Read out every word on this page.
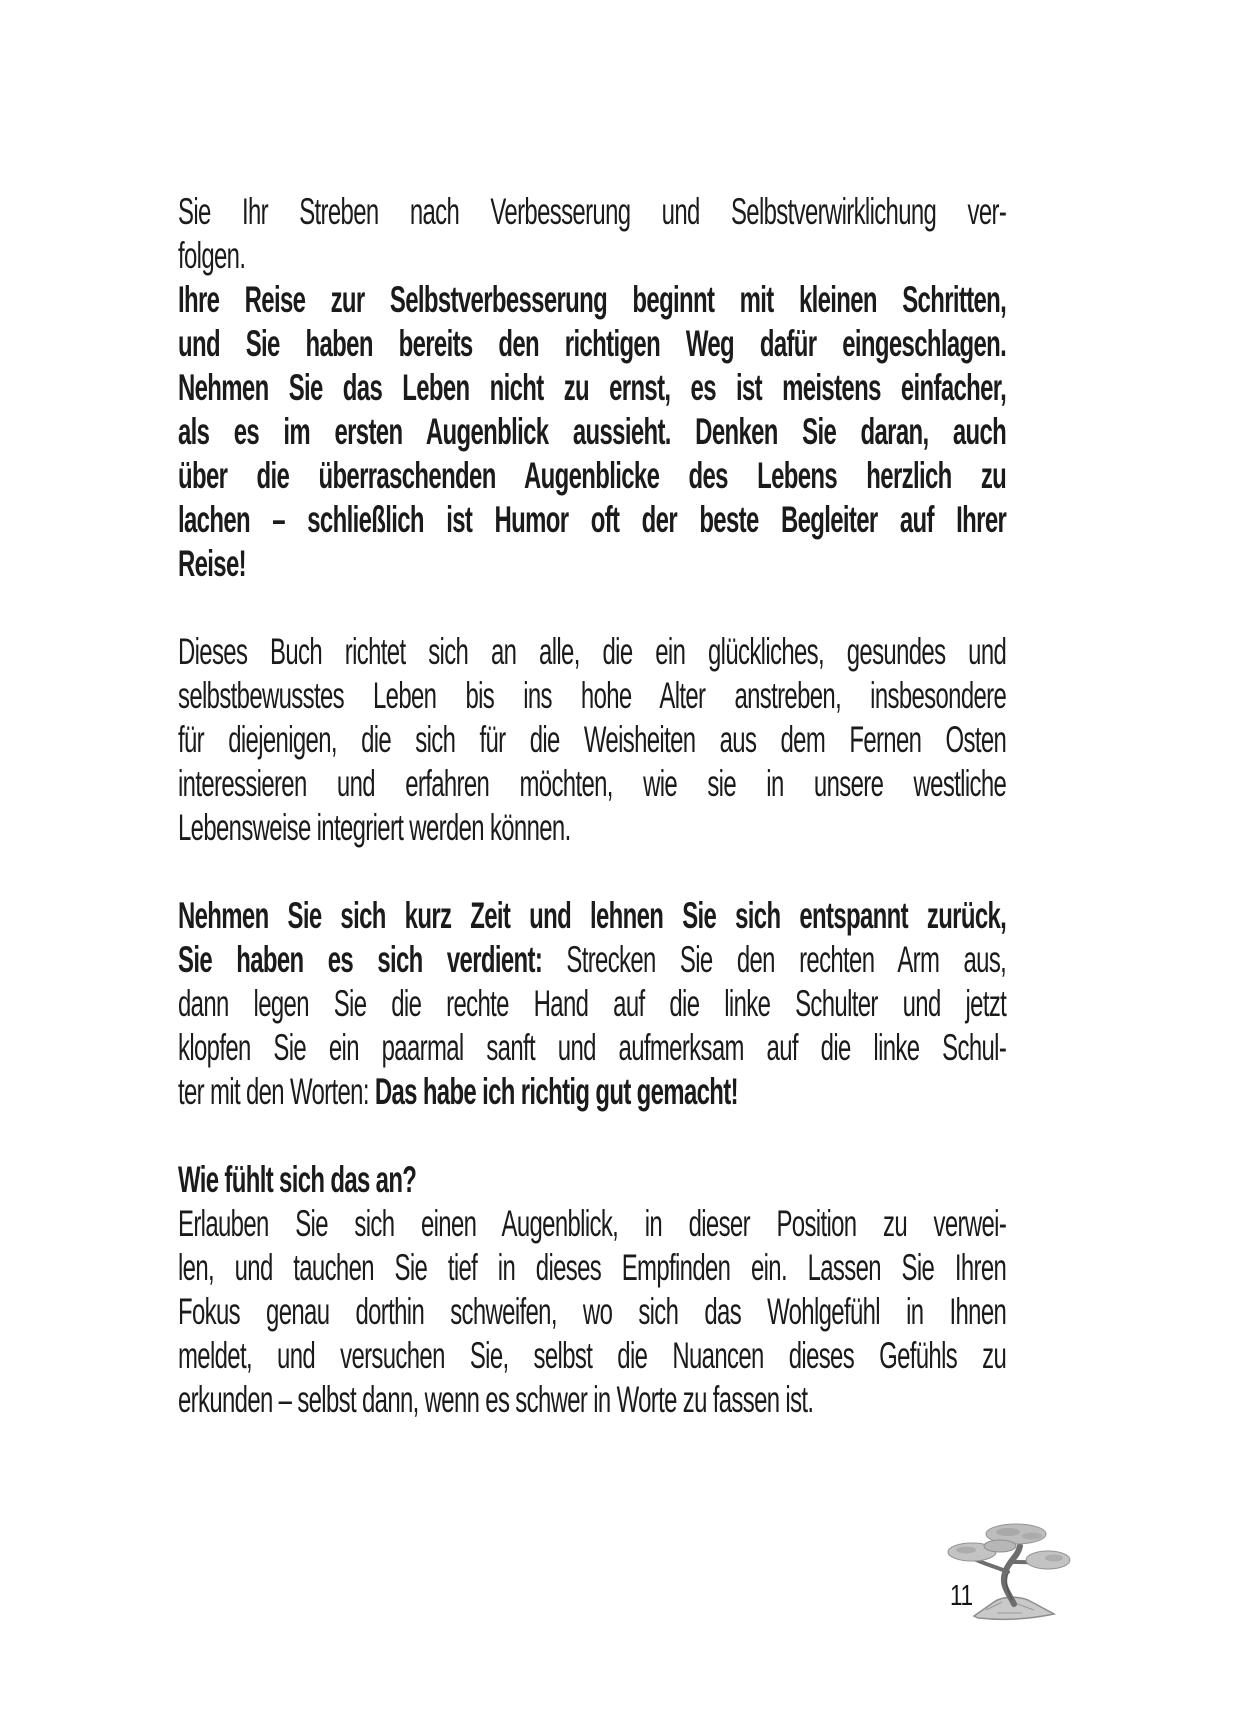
Sie Ihr Streben nach Verbesserung und Selbstverwirklichung ver-
folgen.
Ihre Reise zur Selbstverbesserung beginnt mit kleinen Schritten,
und Sie haben bereits den richtigen Weg dafür eingeschlagen.
Nehmen Sie das Leben nicht zu ernst, es ist meistens einfacher,
als es im ersten Augenblick aussieht. Denken Sie daran, auch
über die überraschenden Augenblicke des Lebens herzlich zu
lachen – schließlich ist Humor oft der beste Begleiter auf Ihrer
Reise!
Dieses Buch richtet sich an alle, die ein glückliches, gesundes und
selbstbewusstes Leben bis ins hohe Alter anstreben, insbesondere
für diejenigen, die sich für die Weisheiten aus dem Fernen Osten
interessieren und erfahren möchten, wie sie in unsere westliche
Lebensweise integriert werden können.
Nehmen Sie sich kurz Zeit und lehnen Sie sich entspannt zurück,
Sie haben es sich verdient: Strecken Sie den rechten Arm aus,
dann legen Sie die rechte Hand auf die linke Schulter und jetzt
klopfen Sie ein paarmal sanft und aufmerksam auf die linke Schul-
ter mit den Worten: Das habe ich richtig gut gemacht!
Wie fühlt sich das an?
Erlauben Sie sich einen Augenblick, in dieser Position zu verwei-
len, und tauchen Sie tief in dieses Empfinden ein. Lassen Sie Ihren
Fokus genau dorthin schweifen, wo sich das Wohlgefühl in Ihnen
meldet, und versuchen Sie, selbst die Nuancen dieses Gefühls zu
erkunden – selbst dann, wenn es schwer in Worte zu fassen ist.
11
